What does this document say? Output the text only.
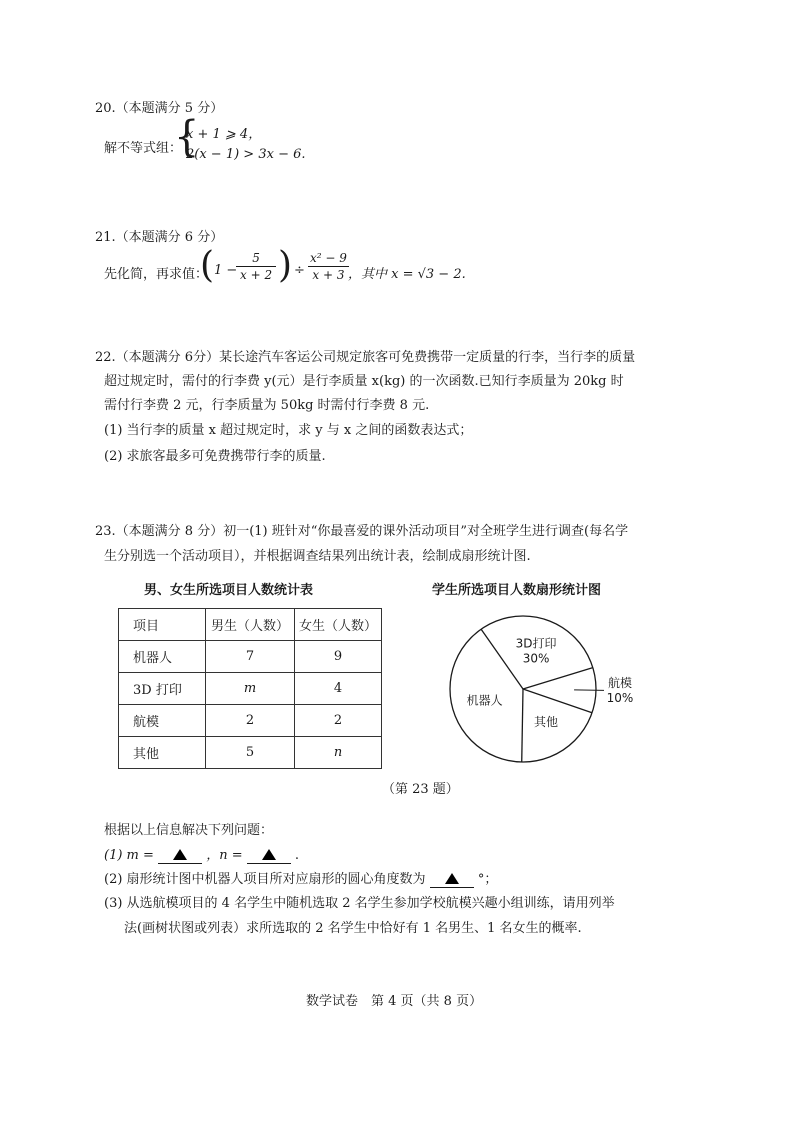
20.（本题满分 5 分）
解不等式组：
{
x + 1 ⩾ 4，
2(x − 1) > 3x − 6.
21.（本题满分 6 分）
先化简，再求值：
( 1 −
$\frac{5}{x + 2}$ ) ÷ $\frac{\text{x² − 9}}{x + 3}$
，其中 x = √3 − 2.
22.（本题满分 6分）某长途汽车客运公司规定旅客可免费携带一定质量的行李，当行李的质量
超过规定时，需付的行李费 y(元）是行李质量 x(kg) 的一次函数.已知行李质量为 20kg 时
需付行李费 2 元，行李质量为 50kg 时需付行李费 8 元.
(1) 当行李的质量 x 超过规定时，求 y 与 x 之间的函数表达式；
(2) 求旅客最多可免费携带行李的质量.
23.（本题满分 8 分）初一(1) 班针对“你最喜爱的课外活动项目”对全班学生进行调查(每名学
生分别选一个活动项目），并根据调查结果列出统计表，绘制成扇形统计图.
男、女生所选项目人数统计表	学生所选项目人数扇形统计图
项目	男生（人数）	女生（人数）
机器人	7	9
3D 打印	m	4
航模	2	2
其他	5	n
3D打印
30%
航模
10%
其他
机器人
（第 23 题）
根据以上信息解决下列问题：
(1) m =	，n =	.
(2) 扇形统计图中机器人项目所对应扇形的圆心角度数为	°；
(3) 从选航模项目的 4 名学生中随机选取 2 名学生参加学校航模兴趣小组训练，请用列举
法(画树状图或列表）求所选取的 2 名学生中恰好有 1 名男生、1 名女生的概率.
数学试卷　第 4 页（共 8 页）
